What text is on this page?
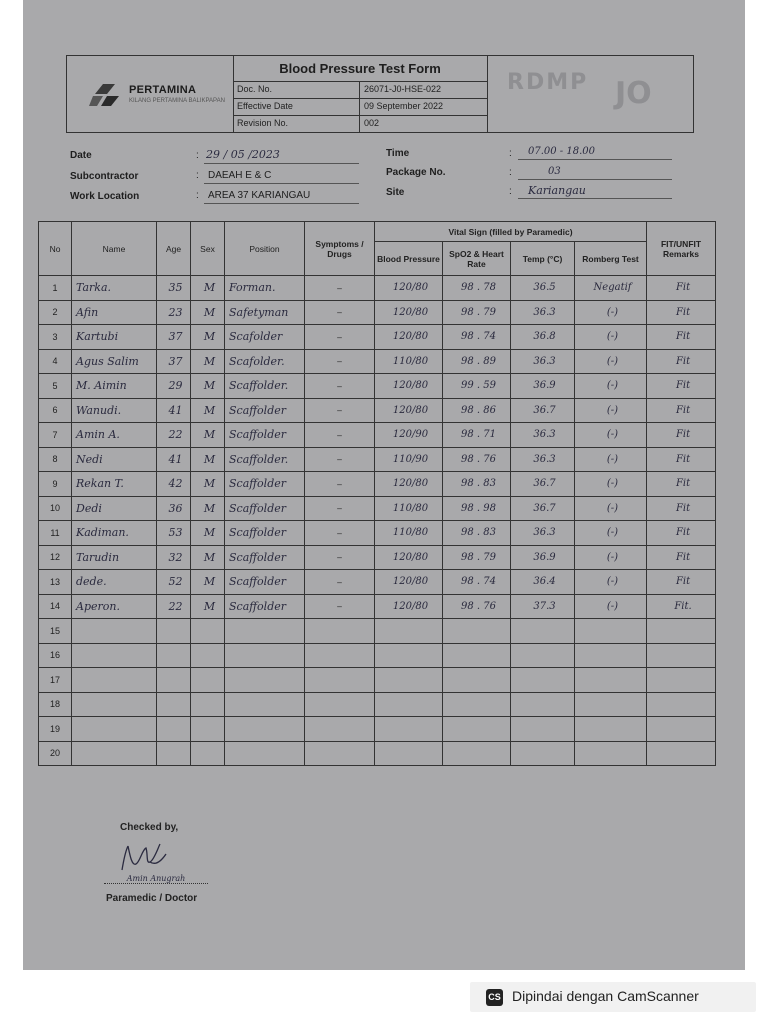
PERTAMINA
KILANG PERTAMINA BALIKPAPAN
Blood Pressure Test Form
Doc. No.	26071-J0-HSE-022
Effective Date	09 September 2022
Revision No.	002
RDMP JO
Date	: 29 / 05 /2023
Subcontractor	: DAEAH E & C
Work Location	: AREA 37 KARIANGAU
Time	: 07.00 - 18.00
Package No.	:	03
Site	: Kariangau
No	Name	Age	Sex	Position	Symptoms / Drugs	Vital Sign (filled by Paramedic)				FIT/UNFIT Remarks
						Blood Pressure	SpO2 & Heart Rate	Temp (°C)	Romberg Test	
1	Tarka.	35	M	Forman.	–	120/80	98 . 78	36.5	Negatif	Fit
2	Afin	23	M	Safetyman	–	120/80	98 . 79	36.3	(-)	Fit
3	Kartubi	37	M	Scafolder	–	120/80	98 . 74	36.8	(-)	Fit
4	Agus Salim	37	M	Scafolder.	–	110/80	98 . 89	36.3	(-)	Fit
5	M. Aimin	29	M	Scaffolder.	–	120/80	99 . 59	36.9	(-)	Fit
6	Wanudi.	41	M	Scaffolder	–	120/80	98 . 86	36.7	(-)	Fit
7	Amin A.	22	M	Scaffolder	–	120/90	98 . 71	36.3	(-)	Fit
8	Nedi	41	M	Scaffolder.	–	110/90	98 . 76	36.3	(-)	Fit
9	Rekan T.	42	M	Scaffolder	–	120/80	98 . 83	36.7	(-)	Fit
10	Dedi	36	M	Scaffolder	–	110/80	98 . 98	36.7	(-)	Fit
11	Kadiman.	53	M	Scaffolder	–	110/80	98 . 83	36.3	(-)	Fit
12	Tarudin	32	M	Scaffolder	–	120/80	98 . 79	36.9	(-)	Fit
13	dede.	52	M	Scaffolder	–	120/80	98 . 74	36.4	(-)	Fit
14	Aperon.	22	M	Scaffolder	–	120/80	98 . 76	37.3	(-)	Fit.
15										
16										
17										
18										
19										
20										
Checked by,
Amin Anugrah
Paramedic / Doctor
CS Dipindai dengan CamScanner
